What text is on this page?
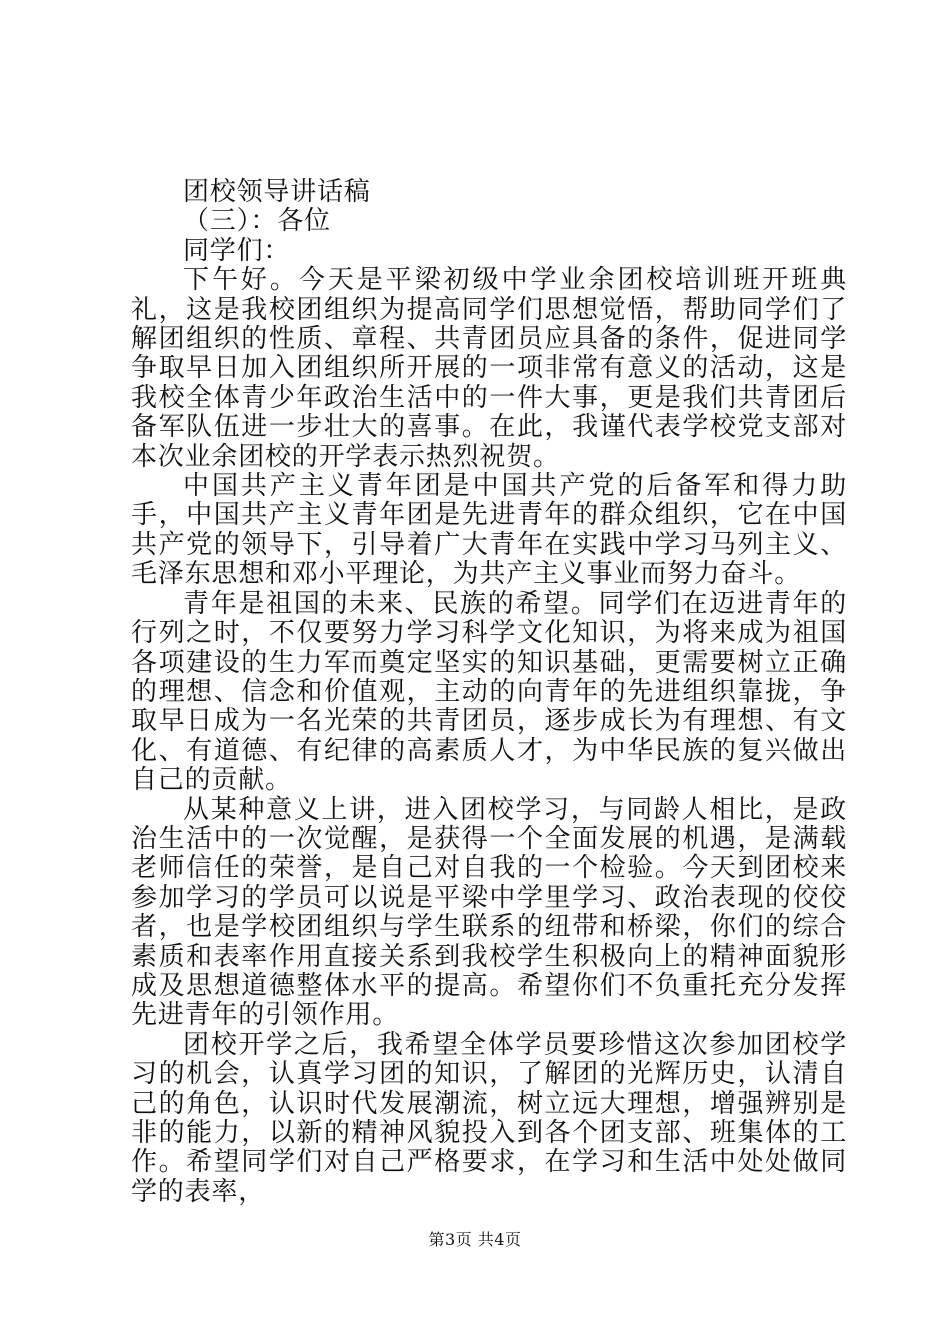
团校领导讲话稿

（三）：各位

同学们：

下午好。今天是平梁初级中学业余团校培训班开班典礼，这是我校团组织为提高同学们思想觉悟，帮助同学们了解团组织的性质、章程、共青团员应具备的条件，促进同学争取早日加入团组织所开展的一项非常有意义的活动，这是我校全体青少年政治生活中的一件大事，更是我们共青团后备军队伍进一步壮大的喜事。在此，我谨代表学校党支部对本次业余团校的开学表示热烈祝贺。

中国共产主义青年团是中国共产党的后备军和得力助手，中国共产主义青年团是先进青年的群众组织，它在中国共产党的领导下，引导着广大青年在实践中学习马列主义、毛泽东思想和邓小平理论，为共产主义事业而努力奋斗。

青年是祖国的未来、民族的希望。同学们在迈进青年的行列之时，不仅要努力学习科学文化知识，为将来成为祖国各项建设的生力军而奠定坚实的知识基础，更需要树立正确的理想、信念和价值观，主动的向青年的先进组织靠拢，争取早日成为一名光荣的共青团员，逐步成长为有理想、有文化、有道德、有纪律的高素质人才，为中华民族的复兴做出自己的贡献。

从某种意义上讲，进入团校学习，与同龄人相比，是政治生活中的一次觉醒，是获得一个全面发展的机遇，是满载老师信任的荣誉，是自己对自我的一个检验。今天到团校来参加学习的学员可以说是平梁中学里学习、政治表现的佼佼者，也是学校团组织与学生联系的纽带和桥梁，你们的综合素质和表率作用直接关系到我校学生积极向上的精神面貌形成及思想道德整体水平的提高。希望你们不负重托充分发挥先进青年的引领作用。

团校开学之后，我希望全体学员要珍惜这次参加团校学习的机会，认真学习团的知识，了解团的光辉历史，认清自己的角色，认识时代发展潮流，树立远大理想，增强辨别是非的能力，以新的精神风貌投入到各个团支部、班集体的工作。希望同学们对自己严格要求，在学习和生活中处处做同学的表率，

第3页 共4页
